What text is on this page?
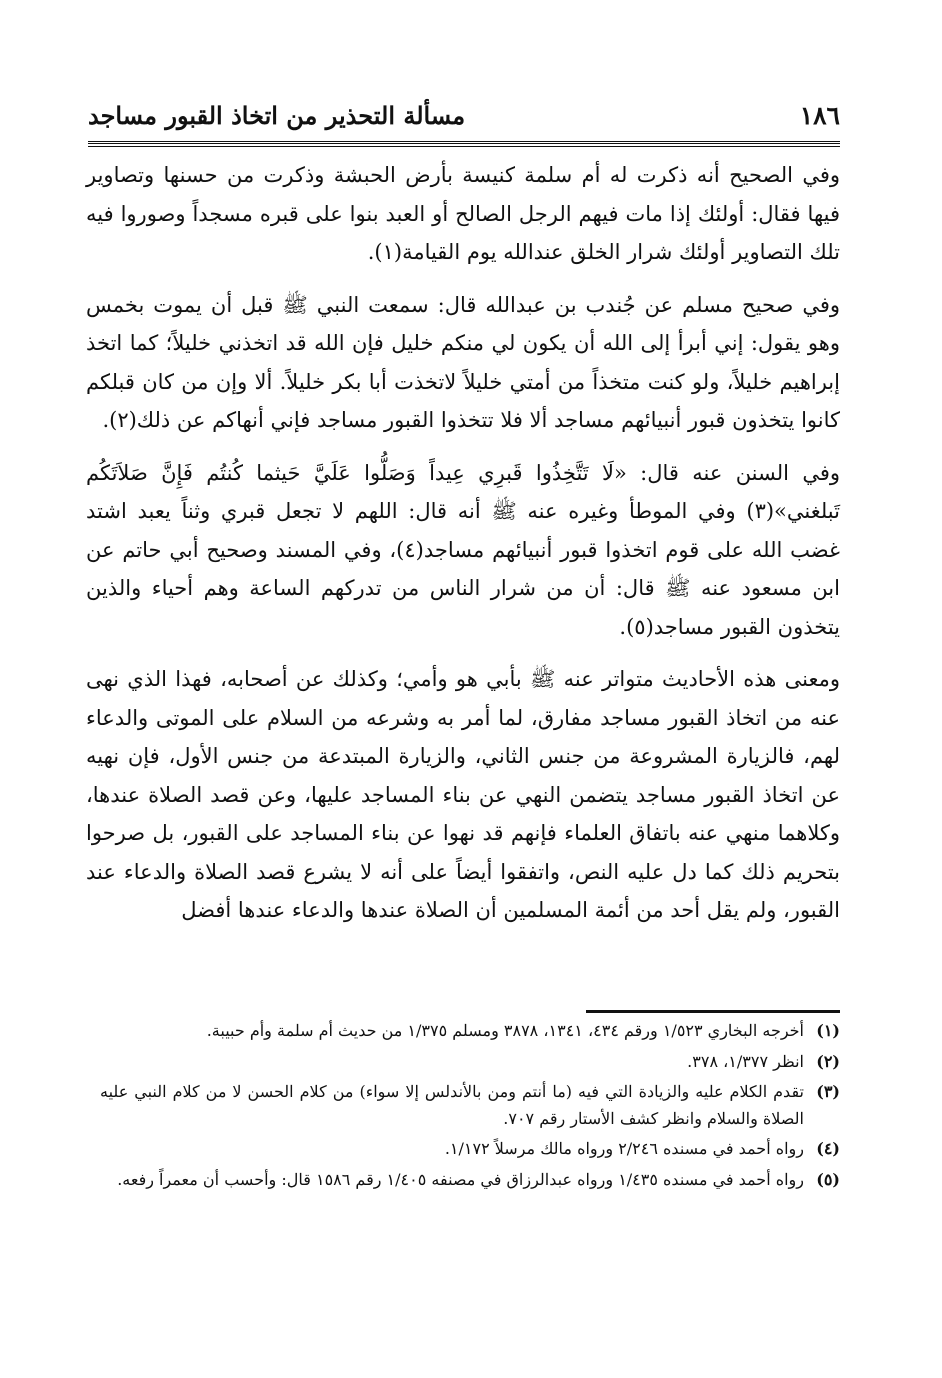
١٨٦
مسألة التحذير من اتخاذ القبور مساجد

وفي الصحيح أنه ذكرت له أم سلمة كنيسة بأرض الحبشة وذكرت من حسنها وتصاوير فيها فقال: أولئك إذا مات فيهم الرجل الصالح أو العبد بنوا على قبره مسجداً وصوروا فيه تلك التصاوير أولئك شرار الخلق عندالله يوم القيامة(١).

وفي صحيح مسلم عن جُندب بن عبدالله قال: سمعت النبي ﷺ قبل أن يموت بخمس وهو يقول: إني أبرأ إلى الله أن يكون لي منكم خليل فإن الله قد اتخذني خليلاً؛ كما اتخذ إبراهيم خليلاً، ولو كنت متخذاً من أمتي خليلاً لاتخذت أبا بكر خليلاً. ألا وإن من كان قبلكم كانوا يتخذون قبور أنبيائهم مساجد ألا فلا تتخذوا القبور مساجد فإني أنهاكم عن ذلك(٢).

وفي السنن عنه قال: «لَا تَتَّخِذُوا قَبرِي عِيداً وَصَلُّوا عَلَيَّ حَيثما كُنتُم فَإِنَّ صَلاَتَكُم تَبلغني»(٣) وفي الموطأ وغيره عنه ﷺ أنه قال: اللهم لا تجعل قبري وثناً يعبد اشتد غضب الله على قوم اتخذوا قبور أنبيائهم مساجد(٤)، وفي المسند وصحيح أبي حاتم عن ابن مسعود عنه ﷺ قال: أن من شرار الناس من تدركهم الساعة وهم أحياء والذين يتخذون القبور مساجد(٥).

ومعنى هذه الأحاديث متواتر عنه ﷺ بأبي هو وأمي؛ وكذلك عن أصحابه، فهذا الذي نهى عنه من اتخاذ القبور مساجد مفارق، لما أمر به وشرعه من السلام على الموتى والدعاء لهم، فالزيارة المشروعة من جنس الثاني، والزيارة المبتدعة من جنس الأول، فإن نهيه عن اتخاذ القبور مساجد يتضمن النهي عن بناء المساجد عليها، وعن قصد الصلاة عندها، وكلاهما منهي عنه باتفاق العلماء فإنهم قد نهوا عن بناء المساجد على القبور، بل صرحوا بتحريم ذلك كما دل عليه النص، واتفقوا أيضاً على أنه لا يشرع قصد الصلاة والدعاء عند القبور، ولم يقل أحد من أئمة المسلمين أن الصلاة عندها والدعاء عندها أفضل

(١)
أخرجه البخاري ١/٥٢٣ ورقم ٤٣٤، ١٣٤١، ٣٨٧٨ ومسلم ١/٣٧٥ من حديث أم سلمة وأم حبيبة.
(٢)
انظر ١/٣٧٧، ٣٧٨.
(٣)
تقدم الكلام عليه والزيادة التي فيه (ما أنتم ومن بالأندلس إلا سواء) من كلام الحسن لا من كلام النبي عليه الصلاة والسلام وانظر كشف الأستار رقم ٧٠٧.
(٤)
رواه أحمد في مسنده ٢/٢٤٦ ورواه مالك مرسلاً ١/١٧٢.
(٥)
رواه أحمد في مسنده ١/٤٣٥ ورواه عبدالرزاق في مصنفه ١/٤٠٥ رقم ١٥٨٦ قال: وأحسب أن معمراً رفعه.
